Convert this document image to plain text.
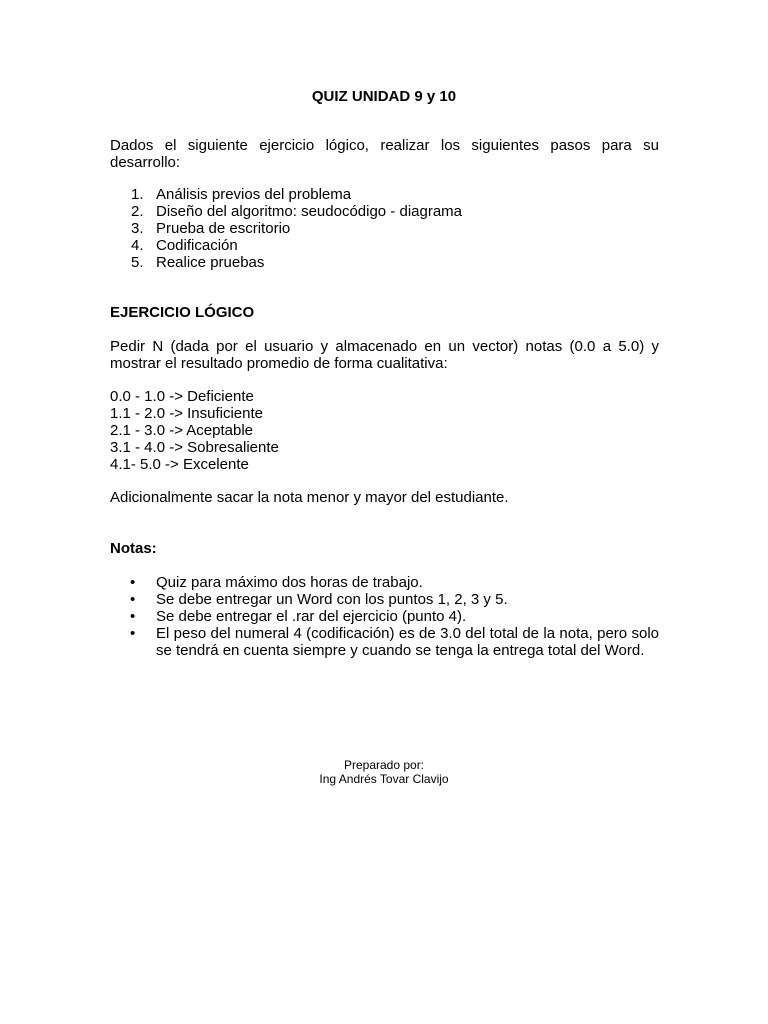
QUIZ UNIDAD 9 y 10
Dados el siguiente ejercicio lógico, realizar los siguientes pasos para su desarrollo:
1. Análisis previos del problema
2. Diseño del algoritmo: seudocódigo - diagrama
3. Prueba de escritorio
4. Codificación
5. Realice pruebas
EJERCICIO LÓGICO
Pedir N (dada por el usuario y almacenado en un vector) notas (0.0 a 5.0) y mostrar el resultado promedio de forma cualitativa:
0.0 - 1.0 -> Deficiente
1.1 - 2.0 -> Insuficiente
2.1 - 3.0 -> Aceptable
3.1 - 4.0 -> Sobresaliente
4.1- 5.0 -> Excelente
Adicionalmente sacar la nota menor y mayor del estudiante.
Notas:
• Quiz para máximo dos horas de trabajo.
• Se debe entregar un Word con los puntos 1, 2, 3 y 5.
• Se debe entregar el .rar del ejercicio (punto 4).
• El peso del numeral 4 (codificación) es de 3.0 del total de la nota, pero solo se tendrá en cuenta siempre y cuando se tenga la entrega total del Word.
Preparado por:
Ing Andrés Tovar Clavijo
